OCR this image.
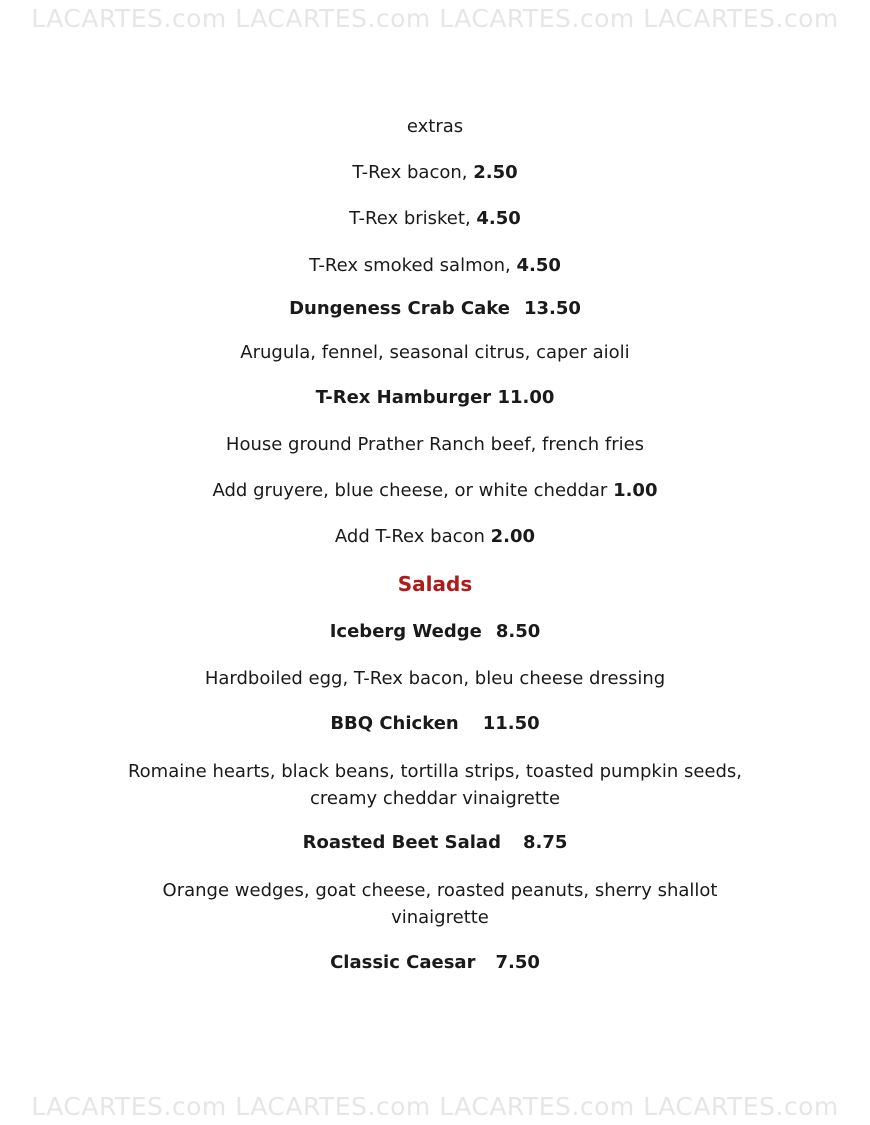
LACARTES.com LACARTES.com LACARTES.com LACARTES.com
extras
T-Rex bacon, 2.50
T-Rex brisket, 4.50
T-Rex smoked salmon, 4.50
Dungeness Crab Cake 13.50
Arugula, fennel, seasonal citrus, caper aioli
T-Rex Hamburger 11.00
House ground Prather Ranch beef, french fries
Add gruyere, blue cheese, or white cheddar 1.00
Add T-Rex bacon 2.00
Salads
Iceberg Wedge 8.50
Hardboiled egg, T-Rex bacon, bleu cheese dressing
BBQ Chicken 11.50
Romaine hearts, black beans, tortilla strips, toasted pumpkin seeds, creamy cheddar vinaigrette
Roasted Beet Salad 8.75
Orange wedges, goat cheese, roasted peanuts, sherry shallot vinaigrette
Classic Caesar 7.50
LACARTES.com LACARTES.com LACARTES.com LACARTES.com
